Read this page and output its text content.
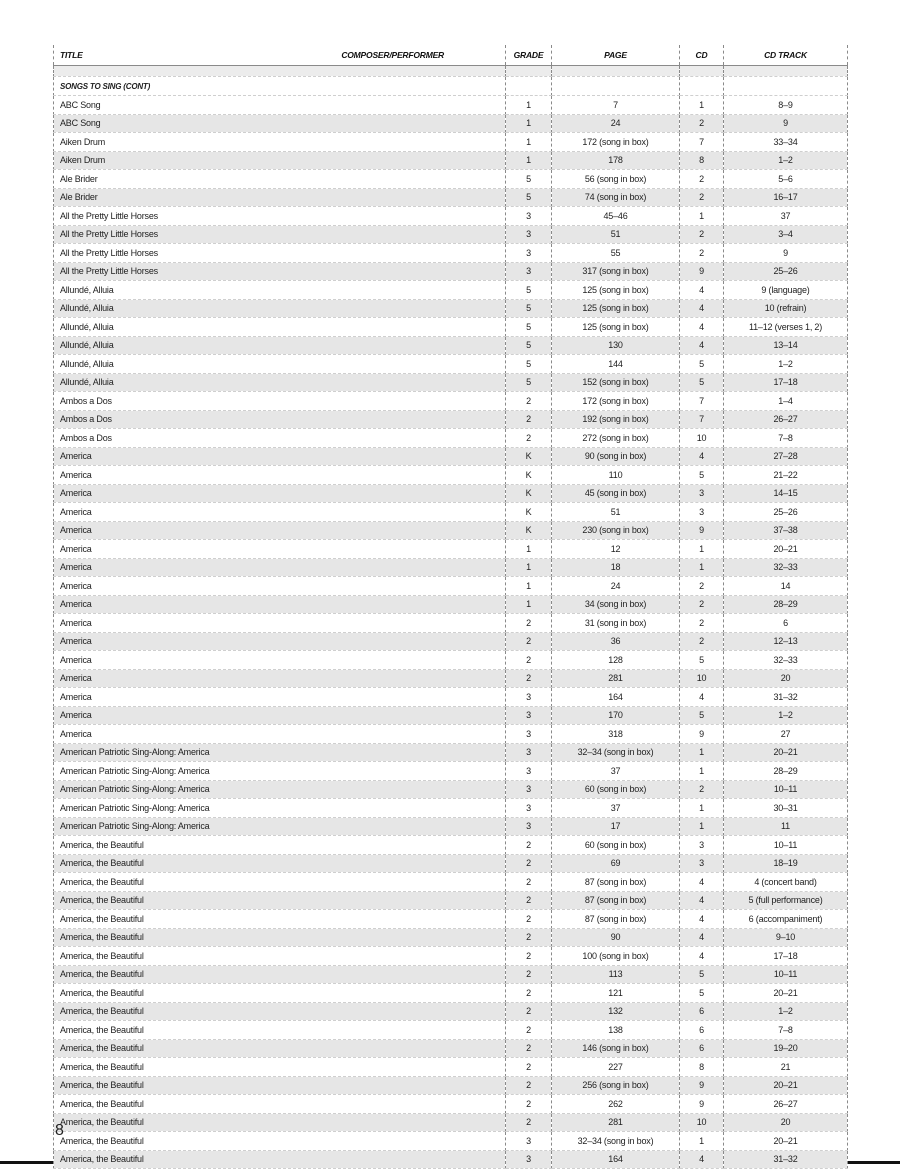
TITLE COMPOSER/PERFORMER	GRADE	PAGE	CD	CD TRACK

SONGS TO SING (CONT)				
ABC Song	1	7	1	8–9
ABC Song	1	24	2	9
Aiken Drum	1	172 (song in box)	7	33–34
Aiken Drum	1	178	8	1–2
Ale Brider	5	56 (song in box)	2	5–6
Ale Brider	5	74 (song in box)	2	16–17
All the Pretty Little Horses	3	45–46	1	37
All the Pretty Little Horses	3	51	2	3–4
All the Pretty Little Horses	3	55	2	9
All the Pretty Little Horses	3	317 (song in box)	9	25–26
Allundé, Alluia	5	125 (song in box)	4	9 (language)
Allundé, Alluia	5	125 (song in box)	4	10 (refrain)
Allundé, Alluia	5	125 (song in box)	4	11–12 (verses 1, 2)
Allundé, Alluia	5	130	4	13–14
Allundé, Alluia	5	144	5	1–2
Allundé, Alluia	5	152 (song in box)	5	17–18
Ambos a Dos	2	172 (song in box)	7	1–4
Ambos a Dos	2	192 (song in box)	7	26–27
Ambos a Dos	2	272 (song in box)	10	7–8
America	K	90 (song in box)	4	27–28
America	K	110	5	21–22
America	K	45 (song in box)	3	14–15
America	K	51	3	25–26
America	K	230 (song in box)	9	37–38
America	1	12	1	20–21
America	1	18	1	32–33
America	1	24	2	14
America	1	34 (song in box)	2	28–29
America	2	31 (song in box)	2	6
America	2	36	2	12–13
America	2	128	5	32–33
America	2	281	10	20
America	3	164	4	31–32
America	3	170	5	1–2
America	3	318	9	27
American Patriotic Sing-Along: America	3	32–34 (song in box)	1	20–21
American Patriotic Sing-Along: America	3	37	1	28–29
American Patriotic Sing-Along: America	3	60 (song in box)	2	10–11
American Patriotic Sing-Along: America	3	37	1	30–31
American Patriotic Sing-Along: America	3	17	1	11
America, the Beautiful	2	60 (song in box)	3	10–11
America, the Beautiful	2	69	3	18–19
America, the Beautiful	2	87 (song in box)	4	4 (concert band)
America, the Beautiful	2	87 (song in box)	4	5 (full performance)
America, the Beautiful	2	87 (song in box)	4	6 (accompaniment)
America, the Beautiful	2	90	4	9–10
America, the Beautiful	2	100 (song in box)	4	17–18
America, the Beautiful	2	113	5	10–11
America, the Beautiful	2	121	5	20–21
America, the Beautiful	2	132	6	1–2
America, the Beautiful	2	138	6	7–8
America, the Beautiful	2	146 (song in box)	6	19–20
America, the Beautiful	2	227	8	21
America, the Beautiful	2	256 (song in box)	9	20–21
America, the Beautiful	2	262	9	26–27
America, the Beautiful	2	281	10	20
America, the Beautiful	3	32–34 (song in box)	1	20–21
America, the Beautiful	3	164	4	31–32
8
